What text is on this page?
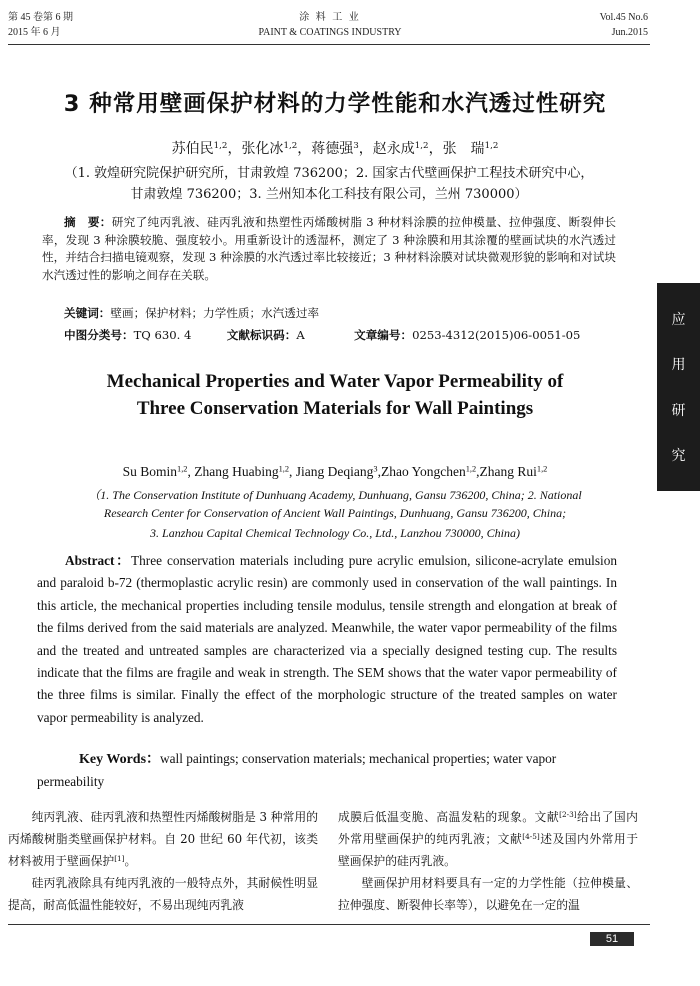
第 45 卷第 6 期
2015 年 6 月
涂 料 工 业
PAINT & COATINGS INDUSTRY
Vol.45 No.6
Jun.2015
应
用
研
究
3 种常用壁画保护材料的力学性能和水汽透过性研究
苏伯民$^{1,2}$，张化冰$^{1,2}$，蒋德强$^3$，赵永成$^{1,2}$，张　瑞$^{1,2}$
（1. 敦煌研究院保护研究所，甘肃敦煌 736200；2. 国家古代壁画保护工程技术研究中心，
甘肃敦煌 736200；3. 兰州知本化工科技有限公司，兰州 730000）
摘　要：研究了纯丙乳液、硅丙乳液和热塑性丙烯酸树脂 3 种材料涂膜的拉伸模量、拉伸强度、断裂伸长率，发现 3 种涂膜较脆、强度较小。用重新设计的透湿杯，测定了 3 种涂膜和用其涂覆的壁画试块的水汽透过性，并结合扫描电镜观察，发现 3 种涂膜的水汽透过率比较接近；3 种材料涂膜对试块微观形貌的影响和对试块水汽透过性的影响之间存在关联。
关键词：壁画；保护材料；力学性质；水汽透过率
中图分类号：TQ 630. 4	文献标识码：A	文章编号：0253-4312(2015)06-0051-05
Mechanical Properties and Water Vapor Permeability of
Three Conservation Materials for Wall Paintings
Su Bomin$^{1,2}$, Zhang Huabing$^{1,2}$, Jiang Deqiang$^3$,Zhao Yongchen$^{1,2}$,Zhang Rui$^{1,2}$
（1. The Conservation Institute of Dunhuang Academy, Dunhuang, Gansu 736200, China; 2. National
Research Center for Conservation of Ancient Wall Paintings, Dunhuang, Gansu 736200, China;
3. Lanzhou Capital Chemical Technology Co., Ltd., Lanzhou 730000, China)
Abstract：Three conservation materials including pure acrylic emulsion, silicone-acrylate emulsion and paraloid b-72 (thermoplastic acrylic resin) are commonly used in conservation of the wall paintings. In this article, the mechanical properties including tensile modulus, tensile strength and elongation at break of the films derived from the said materials are analyzed. Meanwhile, the water vapor permeability of the films and the treated and untreated samples are characterized via a specially designed testing cup. The results indicate that the films are fragile and weak in strength. The SEM shows that the water vapor permeability of the three films is similar. Finally the effect of the morphologic structure of the treated samples on water vapor permeability is analyzed.
Key Words：wall paintings; conservation materials; mechanical properties; water vapor permeability

纯丙乳液、硅丙乳液和热塑性丙烯酸树脂是 3 种常用的丙烯酸树脂类壁画保护材料。自 20 世纪 60 年代初，该类材料被用于壁画保护[1]。

硅丙乳液除具有纯丙乳液的一般特点外，其耐候性明显提高，耐高低温性能较好，不易出现纯丙乳液

成膜后低温变脆、高温发粘的现象。文献[2-3]给出了国内外常用壁画保护的纯丙乳液；文献[4-5]述及国内外常用于壁画保护的硅丙乳液。

壁画保护用材料要具有一定的力学性能（拉伸模量、拉伸强度、断裂伸长率等），以避免在一定的温

51
